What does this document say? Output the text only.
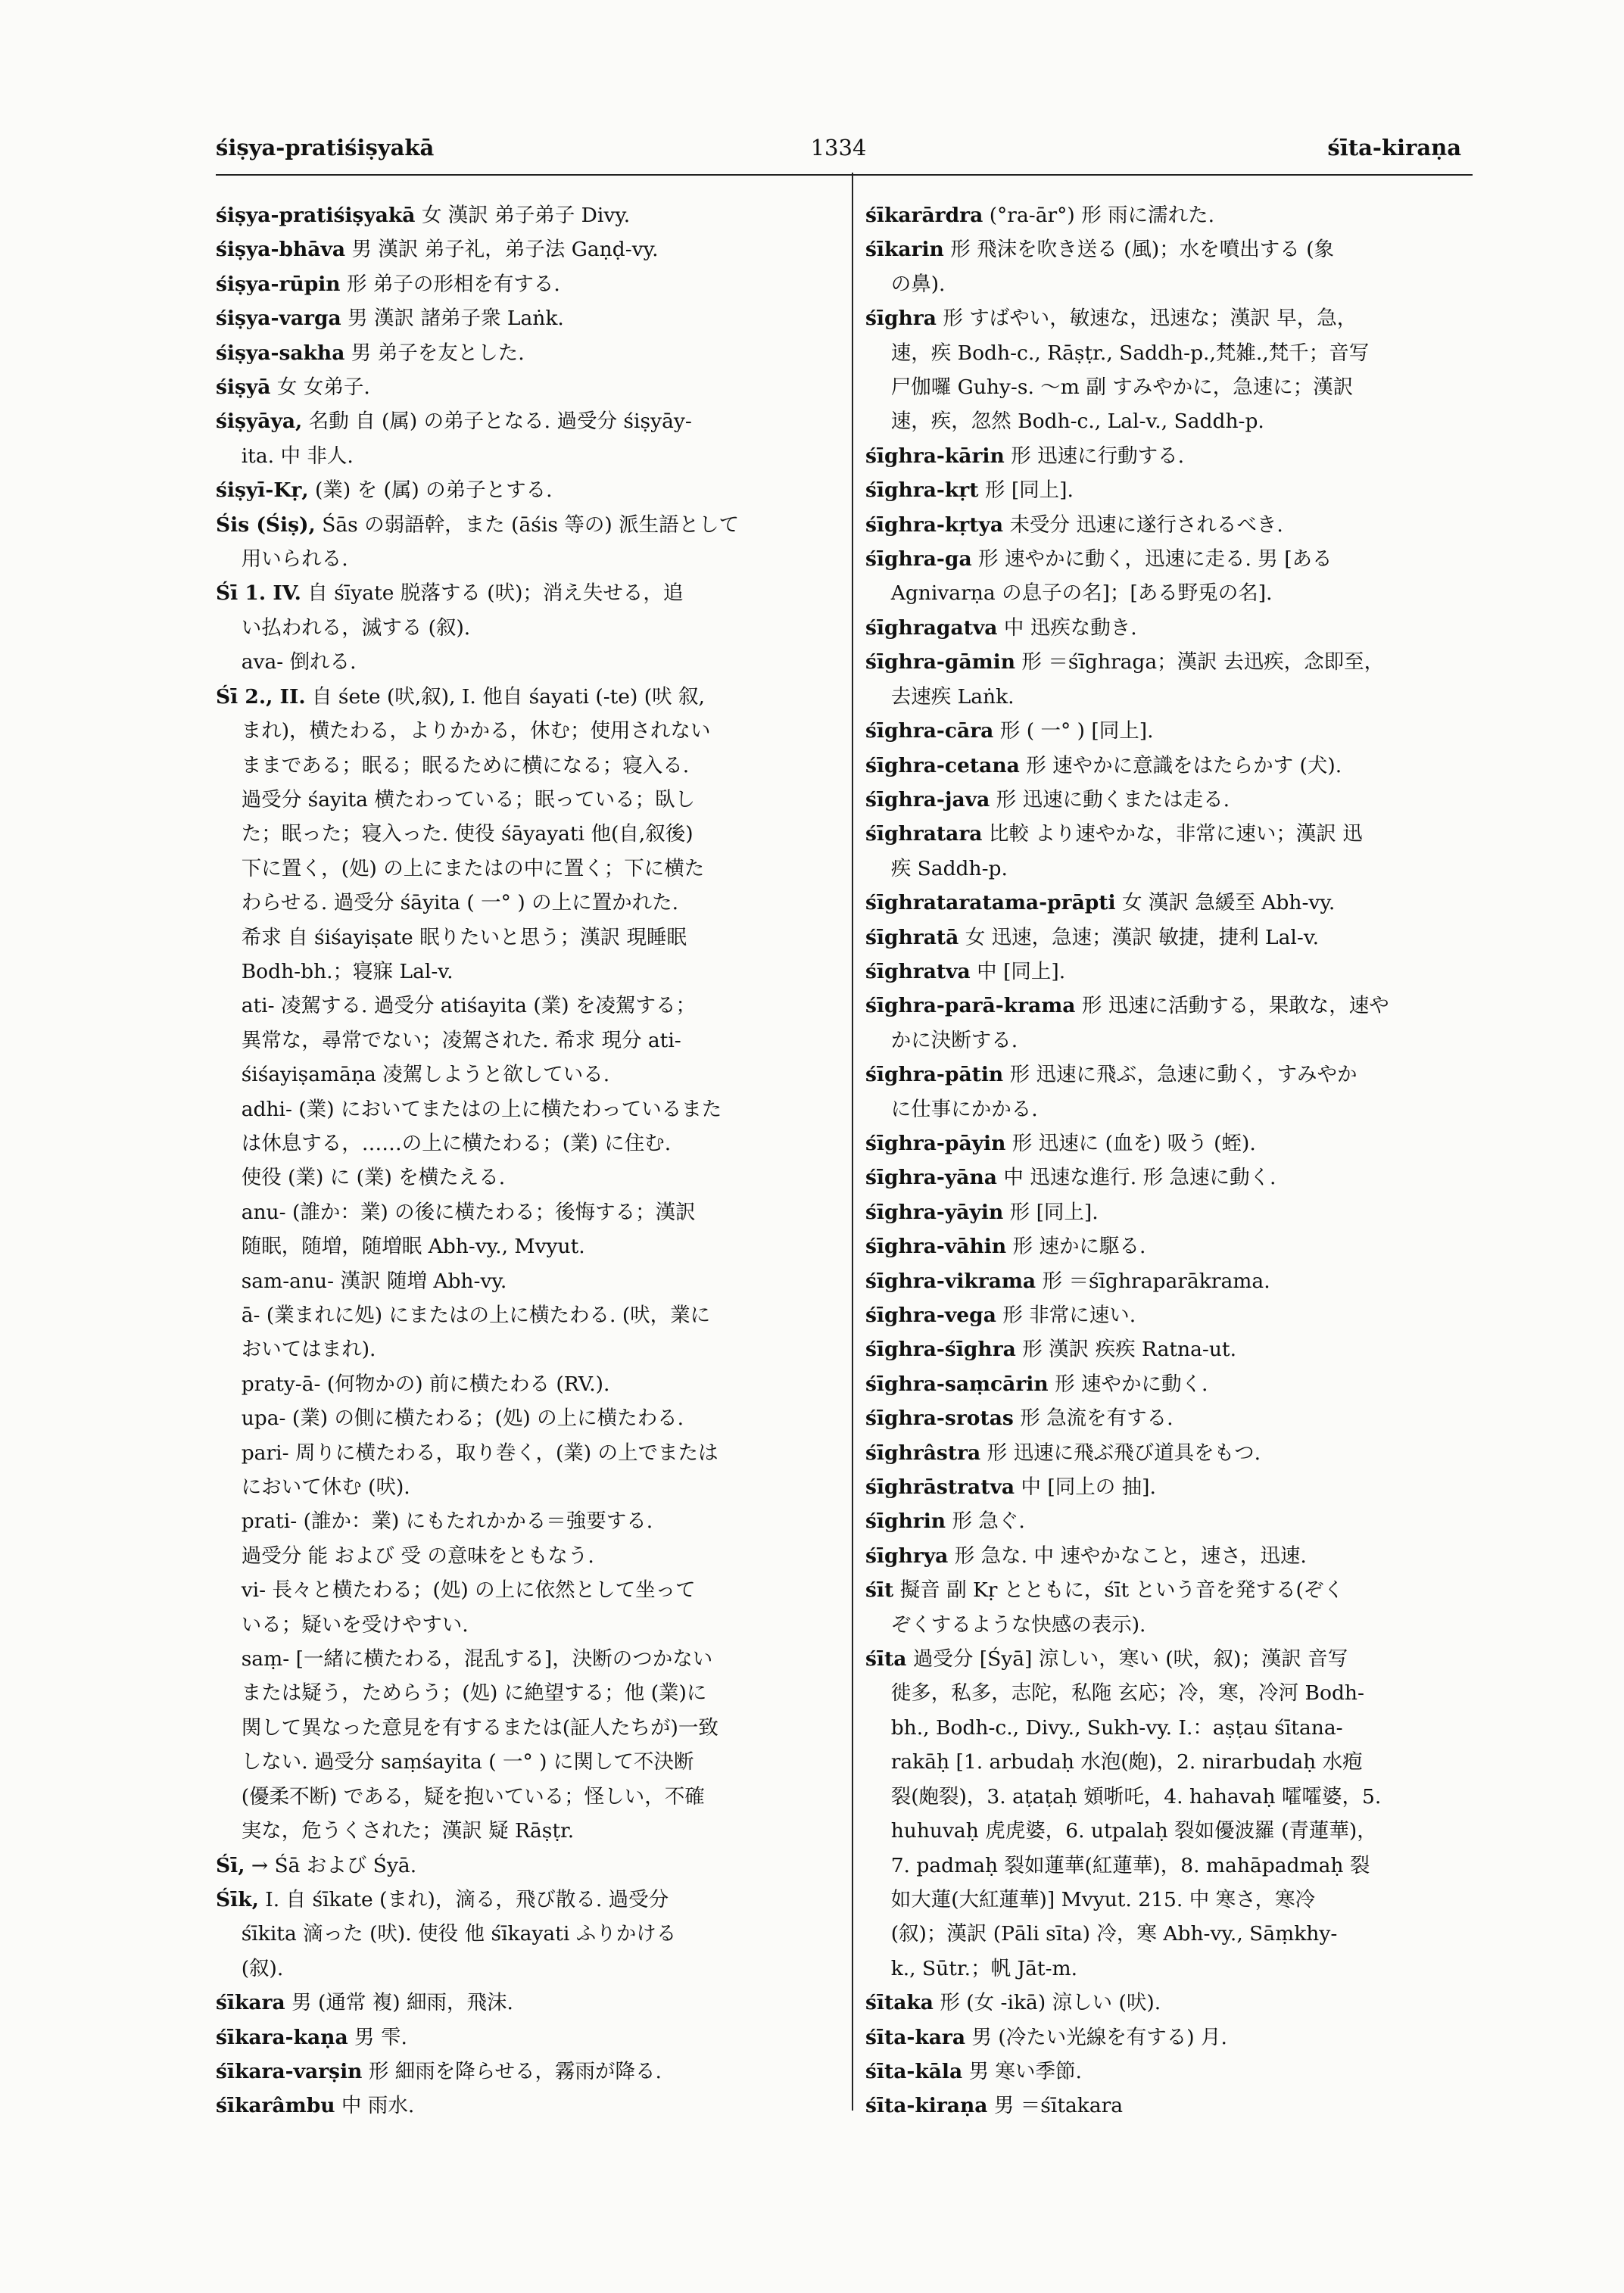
śiṣya-pratiśiṣyakā	1334	śīta-kiraṇa
śiṣya-pratiśiṣyakā 女 漢訳 弟子弟子 Divy.
śiṣya-bhāva 男 漢訳 弟子礼，弟子法 Gaṇḍ-vy.
śiṣya-rūpin 形 弟子の形相を有する.
śiṣya-varga 男 漢訳 諸弟子衆 Laṅk.
śiṣya-sakha 男 弟子を友とした.
śiṣyā 女 女弟子.
śiṣyāya, 名動 自 (属) の弟子となる. 過受分 śiṣyāy-
ita. 中 非人.
śiṣyī-Kṛ, (業) を (属) の弟子とする.
Śis (Śiṣ), Śās の弱語幹，また (āśis 等の) 派生語として
用いられる.
Śī 1. IV. 自 śīyate 脱落する (吠)；消え失せる，追
い払われる，滅する (叙).
ava- 倒れる.
Śī 2., II. 自 śete (吠,叙), I. 他自 śayati (-te) (吠 叙,
まれ)，横たわる，よりかかる，休む；使用されない
ままである；眠る；眠るために横になる；寝入る.
過受分 śayita 横たわっている；眠っている；臥し
た；眠った；寝入った. 使役 śāyayati 他(自,叙後)
下に置く，(処) の上にまたはの中に置く；下に横た
わらせる. 過受分 śāyita ( 一° ) の上に置かれた.
希求 自 śiśayiṣate 眠りたいと思う；漢訳 現睡眠
Bodh-bh.；寝寐 Lal-v.
ati- 凌駕する. 過受分 atiśayita (業) を凌駕する；
異常な，尋常でない；凌駕された. 希求 現分 ati-
śiśayiṣamāṇa 凌駕しようと欲している.
adhi- (業) においてまたはの上に横たわっているまた
は休息する，……の上に横たわる；(業) に住む.
使役 (業) に (業) を横たえる.
anu- (誰か：業) の後に横たわる；後悔する；漢訳
随眠，随増，随増眠 Abh-vy., Mvyut.
sam-anu- 漢訳 随増 Abh-vy.
ā- (業まれに処) にまたはの上に横たわる. (吠，業に
おいてはまれ).
praty-ā- (何物かの) 前に横たわる (RV.).
upa- (業) の側に横たわる；(処) の上に横たわる.
pari- 周りに横たわる，取り巻く，(業) の上でまたは
において休む (吠).
prati- (誰か：業) にもたれかかる＝強要する.
過受分 能 および 受 の意味をともなう.
vi- 長々と横たわる；(処) の上に依然として坐って
いる；疑いを受けやすい.
saṃ- [一緒に横たわる，混乱する]，決断のつかない
または疑う，ためらう；(処) に絶望する；他 (業)に
関して異なった意見を有するまたは(証人たちが)一致
しない. 過受分 saṃśayita ( 一° ) に関して不決断
(優柔不断) である，疑を抱いている；怪しい，不確
実な，危うくされた；漢訳 疑 Rāṣṭr.
Śī, → Śā および Śyā.
Śīk, I. 自 śīkate (まれ)，滴る，飛び散る. 過受分
śīkita 滴った (吠). 使役 他 śīkayati ふりかける
(叙).
śīkara 男 (通常 複) 細雨，飛沫.
śīkara-kaṇa 男 雫.
śīkara-varṣin 形 細雨を降らせる，霧雨が降る.
śīkarâmbu 中 雨水.
śīkarārdra (°ra-ār°) 形 雨に濡れた.
śīkarin 形 飛沫を吹き送る (風)；水を噴出する (象
の鼻).
śīghra 形 すばやい，敏速な，迅速な；漢訳 早，急，
速，疾 Bodh-c., Rāṣṭr., Saddh-p.,梵雑.,梵千；音写
尸伽囉 Guhy-s. ～m 副 すみやかに，急速に；漢訳
速，疾，忽然 Bodh-c., Lal-v., Saddh-p.
śīghra-kārin 形 迅速に行動する.
śīghra-kṛt 形 [同上].
śīghra-kṛtya 未受分 迅速に遂行されるべき.
śīghra-ga 形 速やかに動く，迅速に走る. 男 [ある
Agnivarṇa の息子の名]；[ある野兎の名].
śīghragatva 中 迅疾な動き.
śīghra-gāmin 形 ＝śīghraga；漢訳 去迅疾，念即至，
去速疾 Laṅk.
śīghra-cāra 形 ( 一° ) [同上].
śīghra-cetana 形 速やかに意識をはたらかす (犬).
śīghra-java 形 迅速に動くまたは走る.
śīghratara 比較 より速やかな，非常に速い；漢訳 迅
疾 Saddh-p.
śīghrataratama-prāpti 女 漢訳 急緩至 Abh-vy.
śīghratā 女 迅速，急速；漢訳 敏捷，捷利 Lal-v.
śīghratva 中 [同上].
śīghra-parā-krama 形 迅速に活動する，果敢な，速や
かに決断する.
śīghra-pātin 形 迅速に飛ぶ，急速に動く，すみやか
に仕事にかかる.
śīghra-pāyin 形 迅速に (血を) 吸う (蛭).
śīghra-yāna 中 迅速な進行. 形 急速に動く.
śīghra-yāyin 形 [同上].
śīghra-vāhin 形 速かに駆る.
śīghra-vikrama 形 ＝śīghraparākrama.
śīghra-vega 形 非常に速い.
śīghra-śīghra 形 漢訳 疾疾 Ratna-ut.
śīghra-saṃcārin 形 速やかに動く.
śīghra-srotas 形 急流を有する.
śīghrâstra 形 迅速に飛ぶ飛び道具をもつ.
śīghrāstratva 中 [同上の 抽].
śīghrin 形 急ぐ.
śīghrya 形 急な. 中 速やかなこと，速さ，迅速.
śīt 擬音 副 Kṛ とともに，śīt という音を発する(ぞく
ぞくするような快感の表示).
śīta 過受分 [Śyā] 涼しい，寒い (吠，叙)；漢訳 音写
徙多，私多，志陀，私陁 玄応；冷，寒，冷河 Bodh-
bh., Bodh-c., Divy., Sukh-vy. I.：aṣṭau śītana-
rakāḥ [1. arbudaḥ 水泡(皰)，2. nirarbudaḥ 水疱
裂(皰裂)，3. aṭaṭaḥ 頞哳吒，4. hahavaḥ 嚯嚯婆，5.
huhuvaḥ 虎虎婆，6. utpalaḥ 裂如優波羅 (青蓮華)，
7. padmaḥ 裂如蓮華(紅蓮華)，8. mahāpadmaḥ 裂
如大蓮(大紅蓮華)] Mvyut. 215. 中 寒さ，寒冷
(叙)；漢訳 (Pāli sīta) 冷，寒 Abh-vy., Sāṃkhy-
k., Sūtr.；帆 Jāt-m.
śītaka 形 (女 -ikā) 涼しい (吠).
śīta-kara 男 (冷たい光線を有する) 月.
śīta-kāla 男 寒い季節.
śīta-kiraṇa 男 ＝śītakara
